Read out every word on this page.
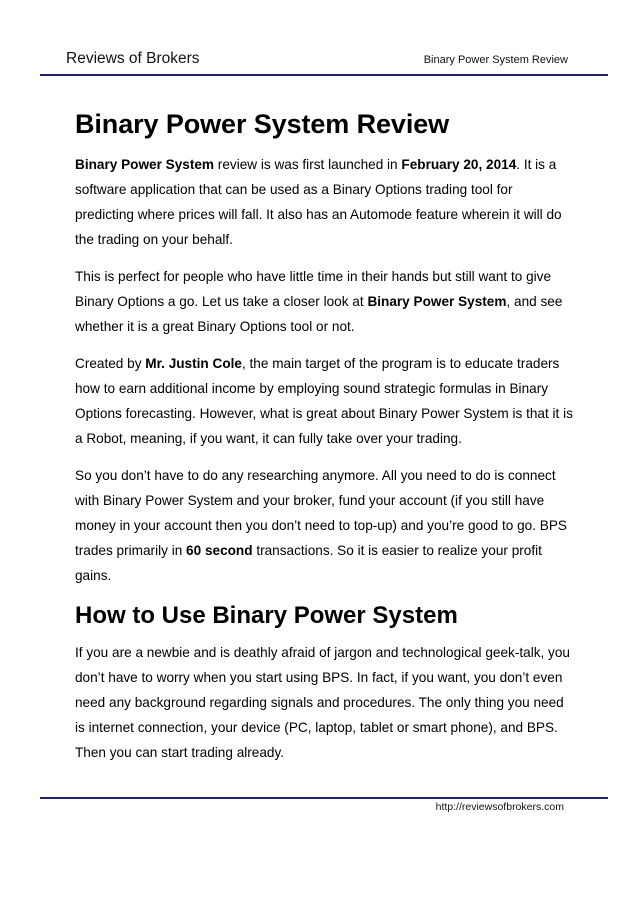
Reviews of Brokers	Binary Power System Review
Binary Power System Review

Binary Power System review is was first launched in February 20, 2014. It is a software application that can be used as a Binary Options trading tool for predicting where prices will fall. It also has an Automode feature wherein it will do the trading on your behalf.

This is perfect for people who have little time in their hands but still want to give Binary Options a go. Let us take a closer look at Binary Power System, and see whether it is a great Binary Options tool or not.

Created by Mr. Justin Cole, the main target of the program is to educate traders how to earn additional income by employing sound strategic formulas in Binary Options forecasting. However, what is great about Binary Power System is that it is a Robot, meaning, if you want, it can fully take over your trading.

So you don’t have to do any researching anymore. All you need to do is connect with Binary Power System and your broker, fund your account (if you still have money in your account then you don’t need to top-up) and you’re good to go. BPS trades primarily in 60 second transactions. So it is easier to realize your profit gains.

How to Use Binary Power System

If you are a newbie and is deathly afraid of jargon and technological geek-talk, you don’t have to worry when you start using BPS. In fact, if you want, you don’t even need any background regarding signals and procedures. The only thing you need is internet connection, your device (PC, laptop, tablet or smart phone), and BPS. Then you can start trading already.

http://reviewsofbrokers.com
